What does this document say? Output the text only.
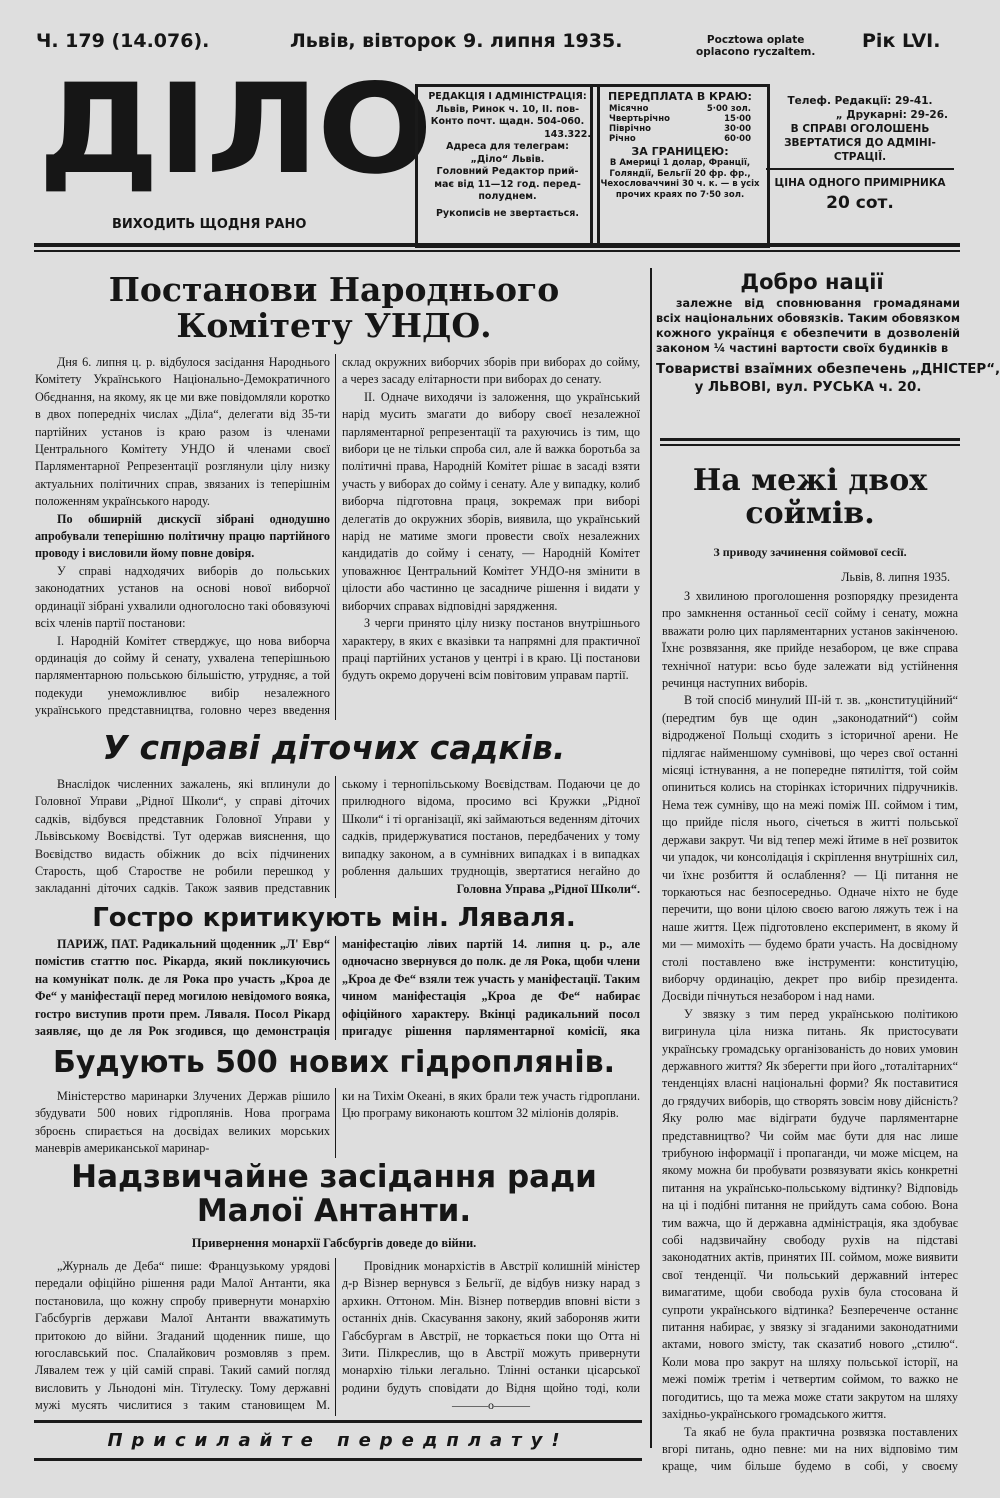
Ч. 179 (14.076).	Львів, вівторок 9. липня 1935.	Pocztowa oplate
oplacono ryczaltem. Рік LVI.
ДІЛО
ВИХОДИТЬ ЩОДНЯ РАНО
РЕДАКЦІЯ І АДМІНІСТРАЦІЯ:
Львів, Ринок ч. 10, II. пов-
Конто почт. щадн. 504-060.
143.322.
Адреса для телеграм:
„Діло“ Львів.
Головний Редактор прий-
має від 11—12 год. перед-
полуднем.
Рукописів не звертається.
ПЕРЕДПЛАТА В КРАЮ:
Місячно	5·00 зол.
Чвертьрічно	15·00
Піврічно	30·00
Річно	60·00
ЗА ГРАНИЦЕЮ:
В Америці 1 долар, Франції, Голяндії, Бельгії 20 фр. фр., Чехословаччині 30 ч. к. — в усіх прочих краях по 7·50 зол.
Телеф. Редакції: 29-41.
„ Друкарні: 29-26.
В СПРАВІ ОГОЛОШЕНЬ
ЗВЕРТАТИСЯ ДО АДМІНІ-
СТРАЦІЇ.
ЦІНА ОДНОГО ПРИМІРНИКА
20 сот.
Постанови Народнього Комітету УНДО.

Дня 6. липня ц. р. відбулося засідання Народнього Комітету Українського Національно-Демократичного Обєднання, на якому, як це ми вже повідомляли коротко в двох попередніх числах „Діла“, делегати від 35-ти партійних установ із краю разом із членами Центрального Комітету УНДО й членами своєї Парляментарної Репрезентації розглянули цілу низку актуальних політичних справ, звязаних із теперішнім положенням українського народу.

По обширній дискусії зібрані однодушно апробували теперішню політичну працю партійного проводу і висловили йому повне довіря.

У справі надходячих виборів до польських законодатних установ на основі нової виборчої ординації зібрані ухвалили одноголосно такі обовязуючі всіх членів партії постанови:

І. Народній Комітет стверджує, що нова виборча ординація до сойму й сенату, ухвалена теперішньою парляментарною польською більшістю, утрудняє, а той подекуди унеможливлює вибір незалежного українського представництва, головно через введення

склад окружних виборчих зборів при виборах до сойму, а через засаду елітарности при виборах до сенату.

II. Одначе виходячи із заложення, що український нарід мусить змагати до вибору своєї незалежної парляментарної репрезентації та рахуючись із тим, що вибори це не тільки спроба сил, але й важка боротьба за політичні права, Народній Комітет рішає в засаді взяти участь у виборах до сойму і сенату. Але у випадку, колиб виборча підготовна праця, зокремаж при виборі делегатів до окружних зборів, виявила, що український нарід не матиме змоги провести своїх незалежних кандидатів до сойму і сенату, — Народній Комітет уповажнює Центральний Комітет УНДО-ня змінити в цілости або частинно це засадниче рішення і видати у виборчих справах відповідні зарядження.

З черги принято цілу низку постанов внутрішнього характеру, в яких є вказівки та напрямні для практичної праці партійних установ у центрі і в краю. Ці постанови будуть окремо доручені всім повітовим управам партії.

У справі діточих садків.

Внаслідок численних зажалень, які вплинули до Головної Управи „Рідної Школи“, у справі діточих садків, відбувся представник Головної Управи у Львівському Воєвідстві. Тут одержав вияснення, що Воєвідство видасть обіжник до всіх підчинених Старость, щоб Старостве не робили перешкод у закладанні діточих садків. Також заявив представник

ському і тернопільському Воєвідствам. Подаючи це до прилюдного відома, просимо всі Кружки „Рідної Школи“ і ті організації, які займаються веденням діточих садків, придержуватися постанов, передбачених у тому випадку законом, а в сумнівних випадках і в випадках роблення дальших труднощів, звертатися негайно до

Головна Управа „Рідної Школи“.
Гостро критикують мін. Ляваля.

ПАРИЖ, ПАТ. Радикальний щоденник „Л' Евр“ помістив статтю пос. Рікарда, який покликуючись на комунікат полк. де ля Рока про участь „Кроа де Фе“ у маніфестації перед могилою невідомого вояка, гостро виступив проти прем. Ляваля. Посол Рікард заявляє, що де ля Рок згодився, що демонстрація

маніфестацію лівих партій 14. липня ц. р., але одночасно звернувся до полк. де ля Рока, щоби члени „Кроа де Фе“ взяли теж участь у маніфестації. Таким чином маніфестація „Кроа де Фе“ набирає офіційного характеру. Вкінці радикальний посол пригадує рішення парляментарної комісії, яка

Будують 500 нових гідроплянів.

Міністерство маринарки Злучених Держав рішило збудувати 500 нових гідроплянів. Нова програма зброєнь спирається на досвідах великих морських маневрів американської маринар-

ки на Тихім Океані, в яких брали теж участь гідроплани. Цю програму виконають коштом 32 міліонів долярів.

Надзвичайне засідання ради Малої Антанти.
Привернення монархії Габсбургів доведе до війни.

„Журналь де Деба“ пише: Французькому урядові передали офіційно рішення ради Малої Антанти, яка постановила, що кожну спробу привернути монархію Габсбургів держави Малої Антанти вважатимуть притокою до війни. Згаданий щоденник пише, що югославський пос. Спалайкович розмовляв з прем. Лявалем теж у цій самій справі. Такий самий погляд висловить у Льнодоні мін. Тітулеску. Тому державні мужі мусять числитися з таким становищем М.

Провідник монархістів в Австрії колишній міністер д-р Візнер вернувся з Бельгії, де відбув низку нарад з архикн. Оттоном. Мін. Візнер потвердив вповні вісти з останніх днів. Скасування закону, який забороняв жити Габсбургам в Австрії, не торкається поки що Отта ні Зити. Пілкреслив, що в Австрії можуть привернути монархію тільки легально. Тлінні останки цісарської родини будуть сповідати до Відня щойно тоді, коли

———o———
Присилайте передплату!
Добро нації
залежне від сповнювання громадянами всіх національних обовязків. Таким обовязком кожного українця є обезпечити в дозволеній законом ¼ частині вартости своїх будинків в
Товаристві взаїмних обезпечень „ДНІСТЕР“,
у ЛЬВОВІ, вул. РУСЬКА ч. 20.
На межі двох соймів.
З приводу зачинення соймової сесії.
Львів, 8. липня 1935.

З хвилиною проголошення розпорядку президента про замкнення останньої сесії сойму і сенату, можна вважати ролю цих парляментарних установ закінченою. Їхнє розвязання, яке прийде незабором, це вже справа технічної натури: всьо буде залежати від устійнення речинця наступних виборів.

В той спосіб минулий III-ій т. зв. „конституційний“ (передтим був ще один „законодатний“) сойм відродженої Польщі сходить з історичної арени. Не підлягає найменшому сумнівові, що через свої останні місяці істнування, а не попередне пятиліття, той сойм опиниться колись на сторінках історичних підручників. Нема теж сумніву, що на межі поміж III. соймом і тим, що прийде після нього, січеться в житті польської держави закрут. Чи від тепер межі йтиме в неї розвиток чи упадок, чи консолідація і скріплення внутрішніх сил, чи їхнє розбиття й ослаблення? — Ці питання не торкаються нас безпосередньо. Одначе ніхто не буде перечити, що вони цілою своєю вагою ляжуть теж і на наше життя. Цеж підготовлено експеримент, в якому й ми — мимохіть — будемо брати участь. На досвідному столі поставлено вже інструменти: конституцію, виборчу ординацію, декрет про вибір президента. Досвіди пічнуться незабором і над нами.

У звязку з тим перед українською політикою вигринула ціла низка питань. Як пристосувати українську громадську організованість до нових умовин державного життя? Як зберегти при його „тоталітарних“ тенденціях власні національні форми? Як поставитися до грядучих виборів, що створять зовсім нову дійсність? Яку ролю має відіграти будуче парляментарне представництво? Чи сойм має бути для нас лише трибуною інформації і пропаганди, чи може місцем, на якому можна би пробувати розвязувати якісь конкретні питання на українсько-польському відтинку? Відповідь на ці і подібні питання не прийдуть сама собою. Вона тим важча, що й державна адміністрація, яка здобуває собі надзвичайну свободу рухів на підставі законодатних актів, принятих III. соймом, може виявити свої тенденції. Чи польський державний інтерес вимагатиме, щоби свобода рухів була стосована й супроти українського відтинка? Безпереченче останнє питання набирає, у звязку зі згаданими законодатними актами, нового змісту, так сказатиб нового „стилю“. Коли мова про закрут на шляху польської історії, на межі поміж третім і четвертим соймом, то важко не погодитись, що та межа може стати закрутом на шляху західньо-українського громадського життя.

Та якаб не була практична розвязка поставлених вгорі питань, одно певне: ми на них відповімо тим краще, чим більше будемо в собі, у своєму
